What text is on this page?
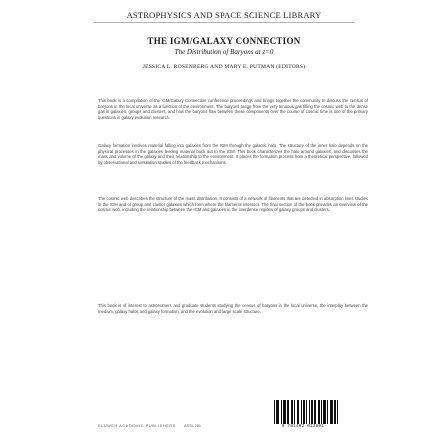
ASTROPHYSICS AND SPACE SCIENCE LIBRARY
THE IGM/GALAXY CONNECTION
The Distribution of Baryons at z=0
JESSICA L. ROSENBERG AND MARY E. PUTMAN (EDITORS)

This book is a compilation of the IGM/Galaxy Connection conference proceedings and brings together the community to discuss the census of baryons in the local universe as a function of the environment. The baryons range from the very tenuous gas filling the cosmic web to the dense gas in galaxies, groups and clusters, and how the baryons flow between these components over the course of cosmic time is one of the primary questions in galaxy evolution research.

Galaxy formation involves material falling into galaxies from the IGM through the galactic halo. The structure of the inner halo depends on the physical processes in the galaxies feeding material back out to the IGM. This book characterizes the halo around galaxies, and discusses the mass and volume of the galaxy and their relationship to the environment. It places the formation process from a theoretical perspective, followed by observational and simulation studies of the feedback mechanisms.

The cosmic web describes the structure of the mass distribution. It consists of a network of filaments that are detected in absorption lines studies in the IGM and of group and cluster galaxies which form where the filaments intersect. The final section of the book provides an overview of the cosmic web, including the relationship between the IGM and galaxies in the overdense regions of galaxy groups and clusters.

This book is of interest to astronomers and graduate students studying the census of baryons in the local universe, the interplay between the medium, galaxy halos and galaxy formation, and the evolution and large scale structure.

KLUWER ACADEMIC PUBLISHERS ASSL 281	9 781402 012891
